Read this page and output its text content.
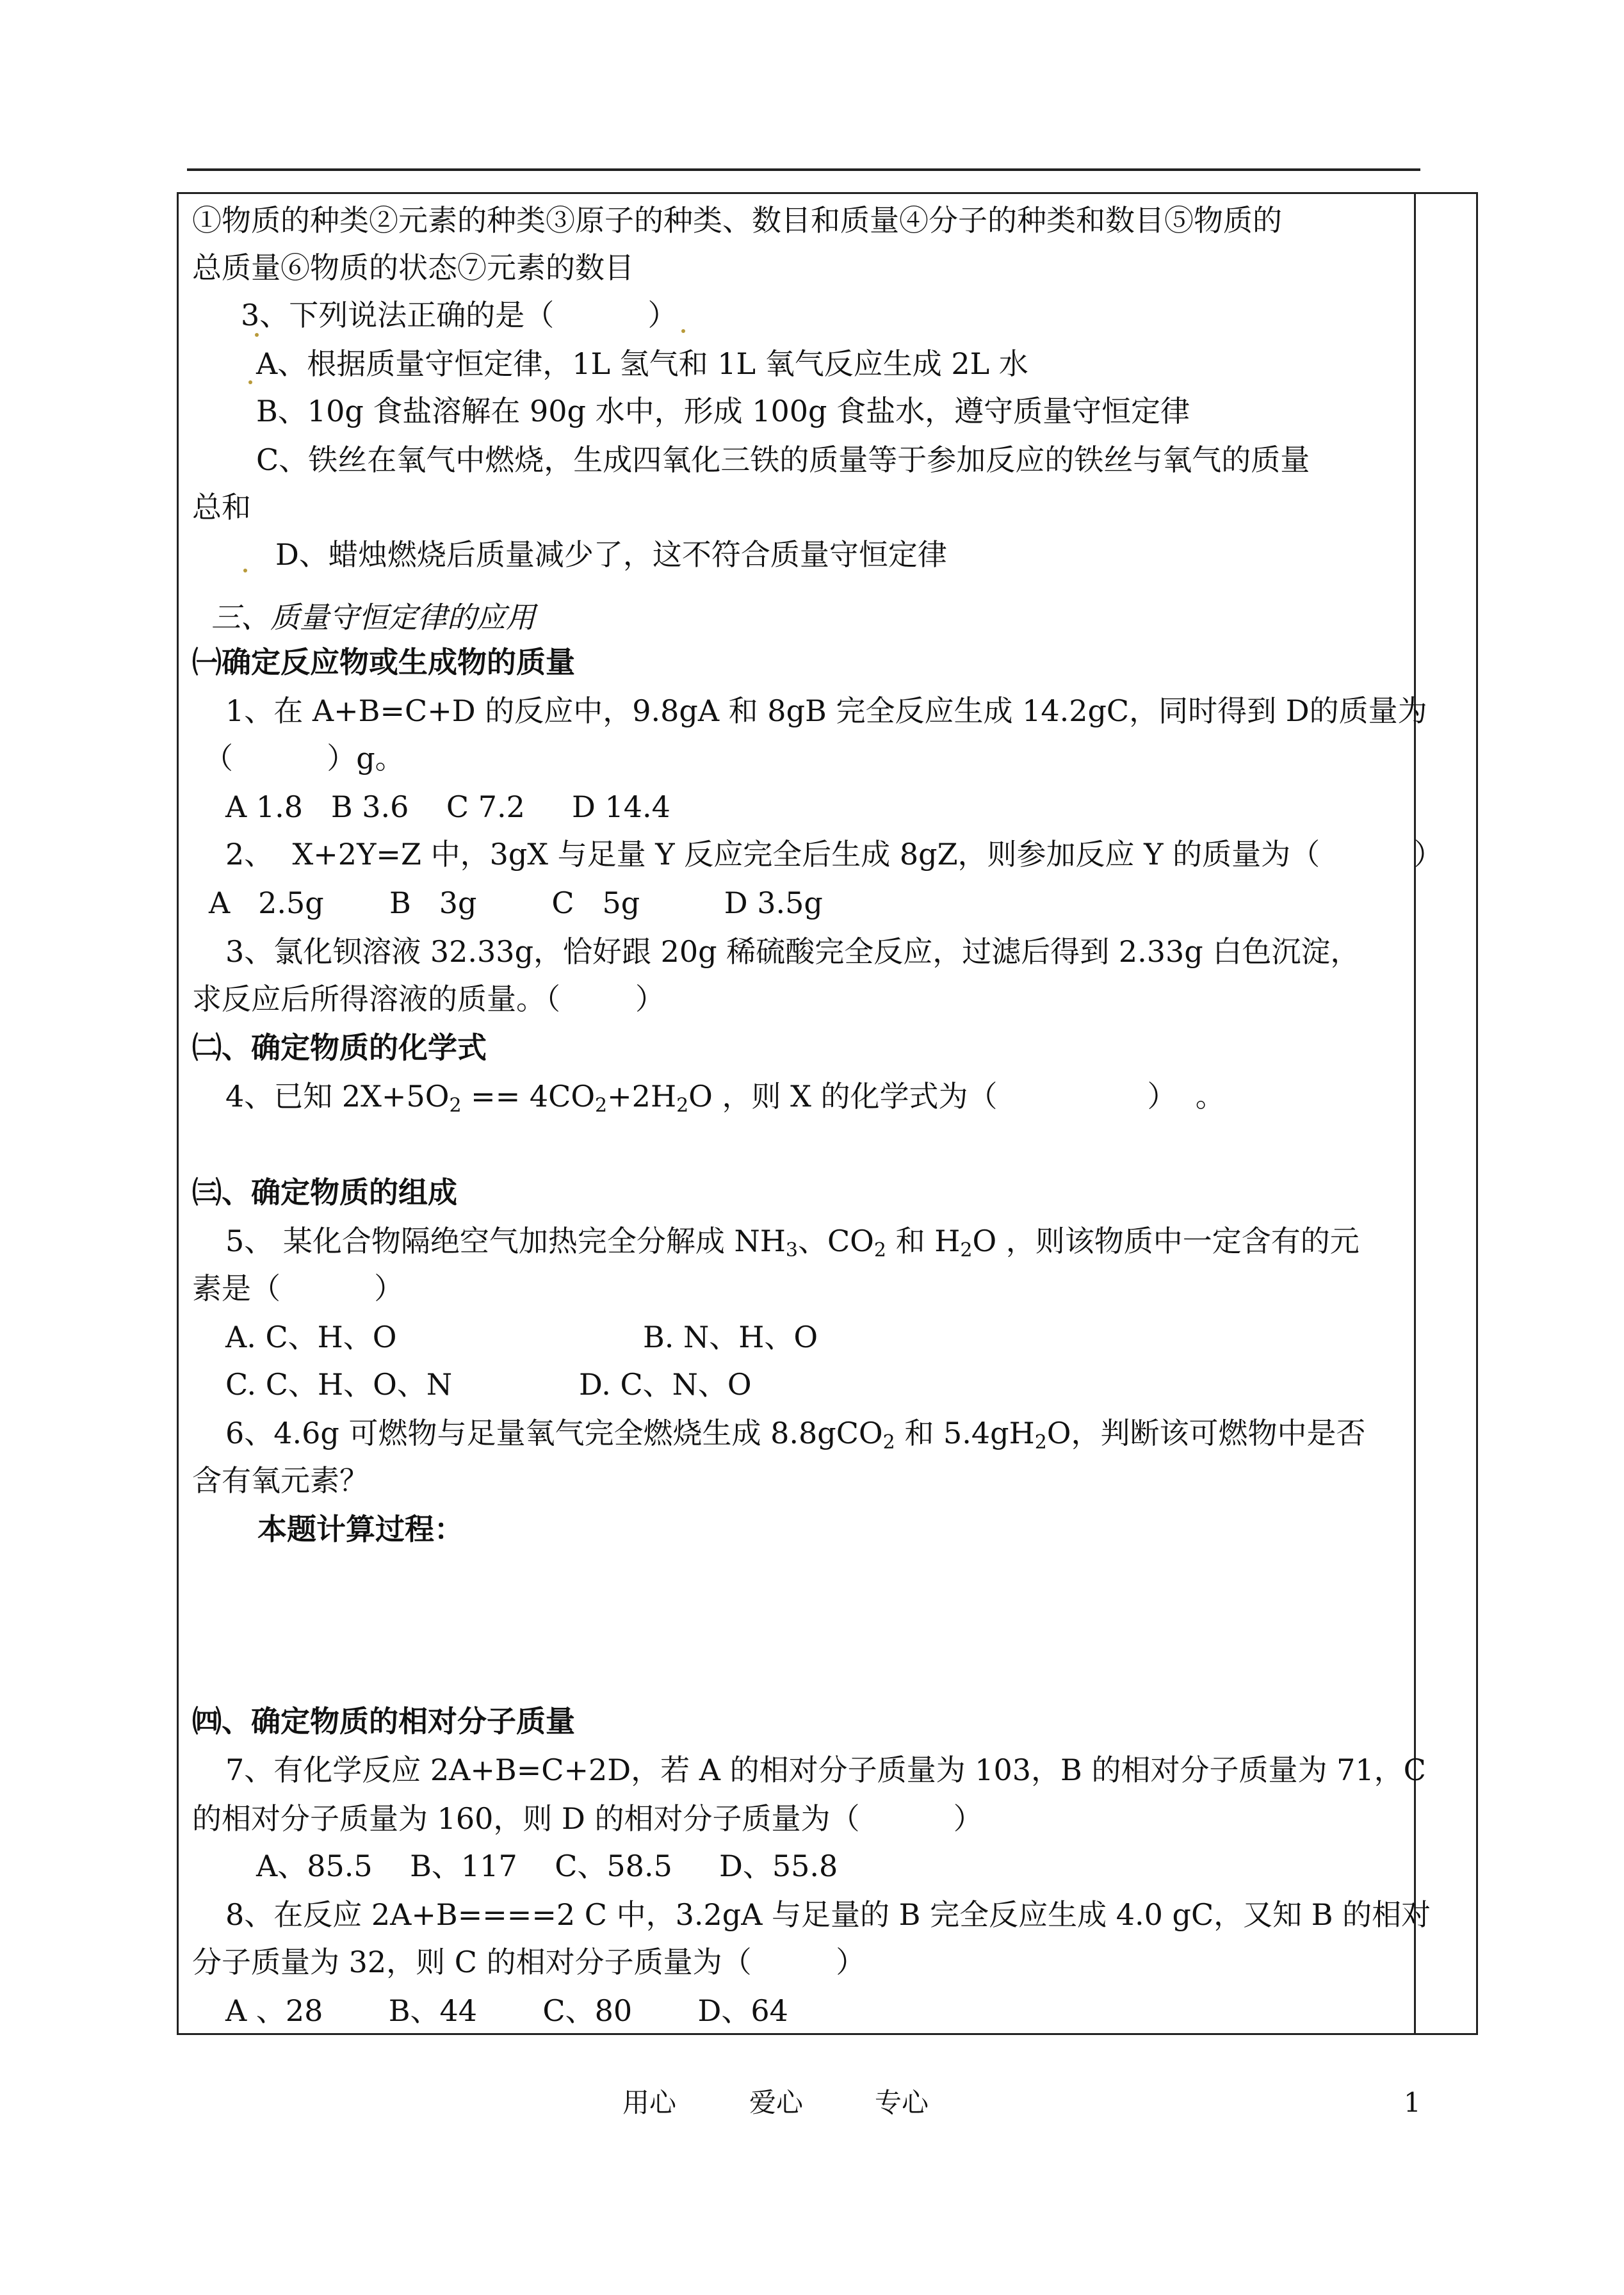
①物质的种类②元素的种类③原子的种类、数目和质量④分子的种类和数目⑤物质的
总质量⑥物质的状态⑦元素的数目
3、下列说法正确的是（          ）
A、根据质量守恒定律，1L 氢气和 1L 氧气反应生成 2L 水
B、10g 食盐溶解在 90g 水中，形成 100g 食盐水，遵守质量守恒定律
C、铁丝在氧气中燃烧，生成四氧化三铁的质量等于参加反应的铁丝与氧气的质量
总和
D、蜡烛燃烧后质量减少了，这不符合质量守恒定律
三、质量守恒定律的应用
㈠确定反应物或生成物的质量
1、在 A+B=C+D 的反应中，9.8gA 和 8gB 完全反应生成 14.2gC，同时得到 D的质量为
（          ）g。
A 1.8   B 3.6    C 7.2     D 14.4
2、  X+2Y=Z 中，3gX 与足量 Y 反应完全后生成 8gZ，则参加反应 Y 的质量为（          ）
A   2.5g       B   3g        C   5g         D 3.5g
3、氯化钡溶液 32.33g，恰好跟 20g 稀硫酸完全反应，过滤后得到 2.33g 白色沉淀，
求反应后所得溶液的质量。（        ）
㈡、确定物质的化学式
4、已知 $2X+5O_2 == 4CO_2+2H_2O$ ，则 X 的化学式为（                ）  。
㈢、确定物质的组成
5、 某化合物隔绝空气加热完全分解成 $NH_3$、$CO_2$ 和 $H_2O$ ，则该物质中一定含有的元
素是（          ）
A. C、H、O	B. N、H、O
C. C、H、O、N	D. C、N、O
6、4.6g 可燃物与足量氧气完全燃烧生成 8.8gCO$_2$ 和 $5.4gH_2O$，判断该可燃物中是否
含有氧元素？
本题计算过程：
㈣、确定物质的相对分子质量
7、有化学反应 2A+B=C+2D，若 A 的相对分子质量为 103，B 的相对分子质量为 71，C
的相对分子质量为 160，则 D 的相对分子质量为（          ）
A、85.5    B、117    C、58.5     D、55.8
8、在反应 2A+B====2 C 中，3.2gA 与足量的 B 完全反应生成 4.0 gC，又知 B 的相对
分子质量为 32，则 C 的相对分子质量为（         ）
A 、28       B、44       C、80       D、64
用心	爱心	专心	1
